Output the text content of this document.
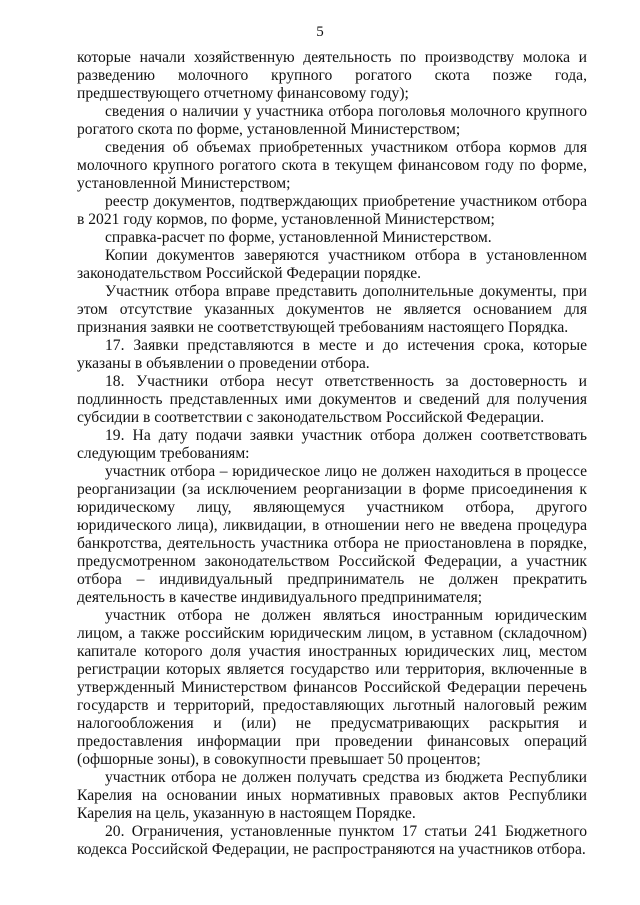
5

которые начали хозяйственную деятельность по производству молока и разведению молочного крупного рогатого скота позже года, предшествующего отчетному финансовому году);

сведения о наличии у участника отбора поголовья молочного крупного рогатого скота по форме, установленной Министерством;

сведения об объемах приобретенных участником отбора кормов для молочного крупного рогатого скота в текущем финансовом году по форме, установленной Министерством;

реестр документов, подтверждающих приобретение участником отбора в 2021 году кормов, по форме, установленной Министерством;

справка-расчет по форме, установленной Министерством.

Копии документов заверяются участником отбора в установленном законодательством Российской Федерации порядке.

Участник отбора вправе представить дополнительные документы, при этом отсутствие указанных документов не является основанием для признания заявки не соответствующей требованиям настоящего Порядка.

17. Заявки представляются в месте и до истечения срока, которые указаны в объявлении о проведении отбора.

18. Участники отбора несут ответственность за достоверность и подлинность представленных ими документов и сведений для получения субсидии в соответствии с законодательством Российской Федерации.

19. На дату подачи заявки участник отбора должен соответствовать следующим требованиям:

участник отбора – юридическое лицо не должен находиться в процессе реорганизации (за исключением реорганизации в форме присоединения к юридическому лицу, являющемуся участником отбора, другого юридического лица), ликвидации, в отношении него не введена процедура банкротства, деятельность участника отбора не приостановлена в порядке, предусмотренном законодательством Российской Федерации, а участник отбора – индивидуальный предприниматель не должен прекратить деятельность в качестве индивидуального предпринимателя;

участник отбора не должен являться иностранным юридическим лицом, а также российским юридическим лицом, в уставном (складочном) капитале которого доля участия иностранных юридических лиц, местом регистрации которых является государство или территория, включенные в утвержденный Министерством финансов Российской Федерации перечень государств и территорий, предоставляющих льготный налоговый режим налогообложения и (или) не предусматривающих раскрытия и предоставления информации при проведении финансовых операций (офшорные зоны), в совокупности превышает 50 процентов;

участник отбора не должен получать средства из бюджета Республики Карелия на основании иных нормативных правовых актов Республики Карелия на цель, указанную в настоящем Порядке.

20. Ограничения, установленные пунктом 17 статьи 241 Бюджетного кодекса Российской Федерации, не распространяются на участников отбора.
